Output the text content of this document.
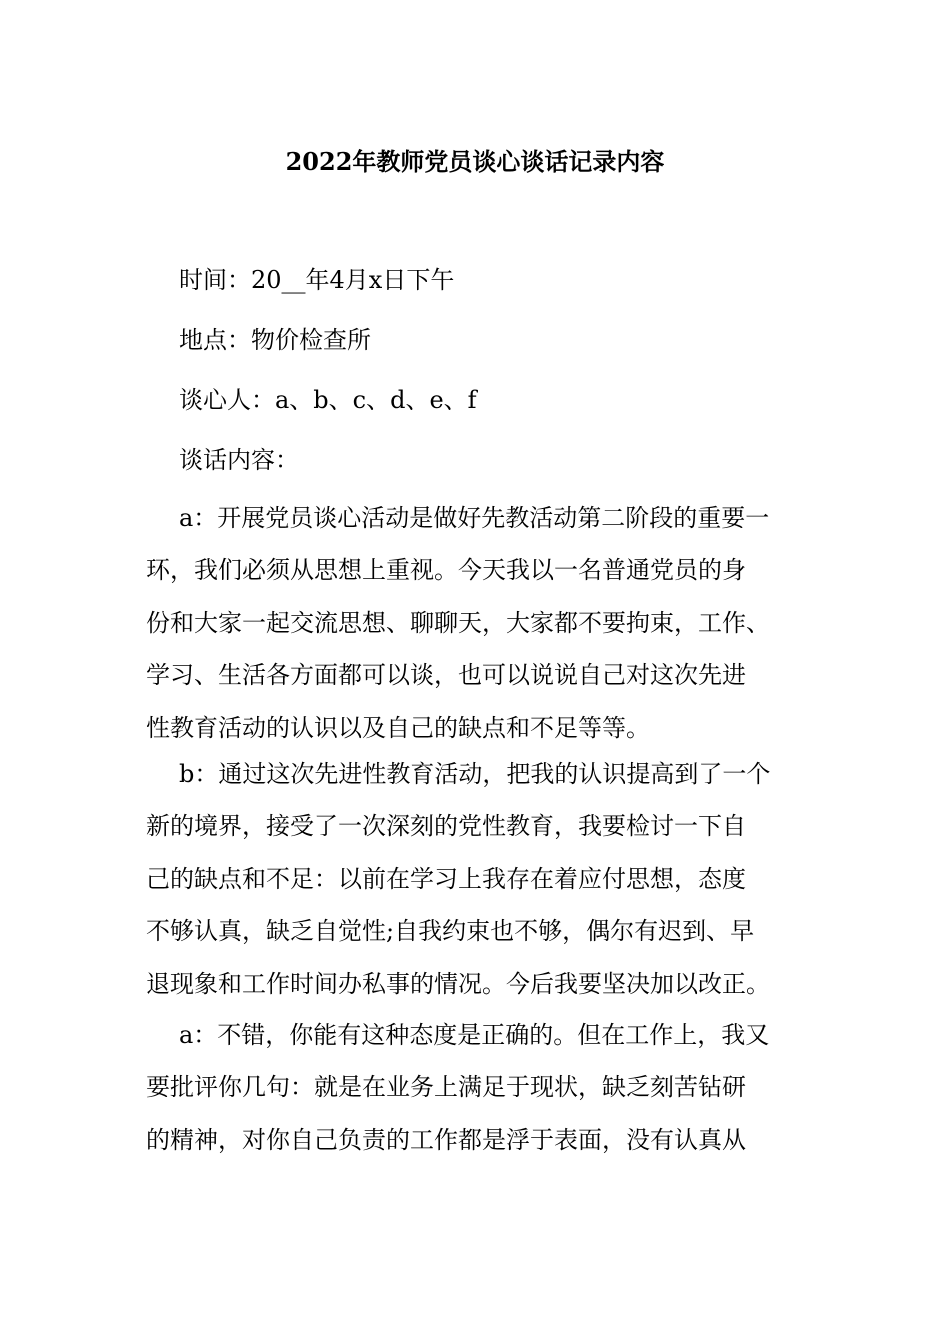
2022年教师党员谈心谈话记录内容
时间：20__年4月x日下午
地点：物价检查所
谈心人：a、b、c、d、e、f
谈话内容：
a：开展党员谈心活动是做好先教活动第二阶段的重要一
环，我们必须从思想上重视。今天我以一名普通党员的身
份和大家一起交流思想、聊聊天，大家都不要拘束，工作、
学习、生活各方面都可以谈，也可以说说自己对这次先进
性教育活动的认识以及自己的缺点和不足等等。
b：通过这次先进性教育活动，把我的认识提高到了一个
新的境界，接受了一次深刻的党性教育，我要检讨一下自
己的缺点和不足：以前在学习上我存在着应付思想，态度
不够认真，缺乏自觉性;自我约束也不够，偶尔有迟到、早
退现象和工作时间办私事的情况。今后我要坚决加以改正。
a：不错，你能有这种态度是正确的。但在工作上，我又
要批评你几句：就是在业务上满足于现状，缺乏刻苦钻研
的精神，对你自己负责的工作都是浮于表面，没有认真从
